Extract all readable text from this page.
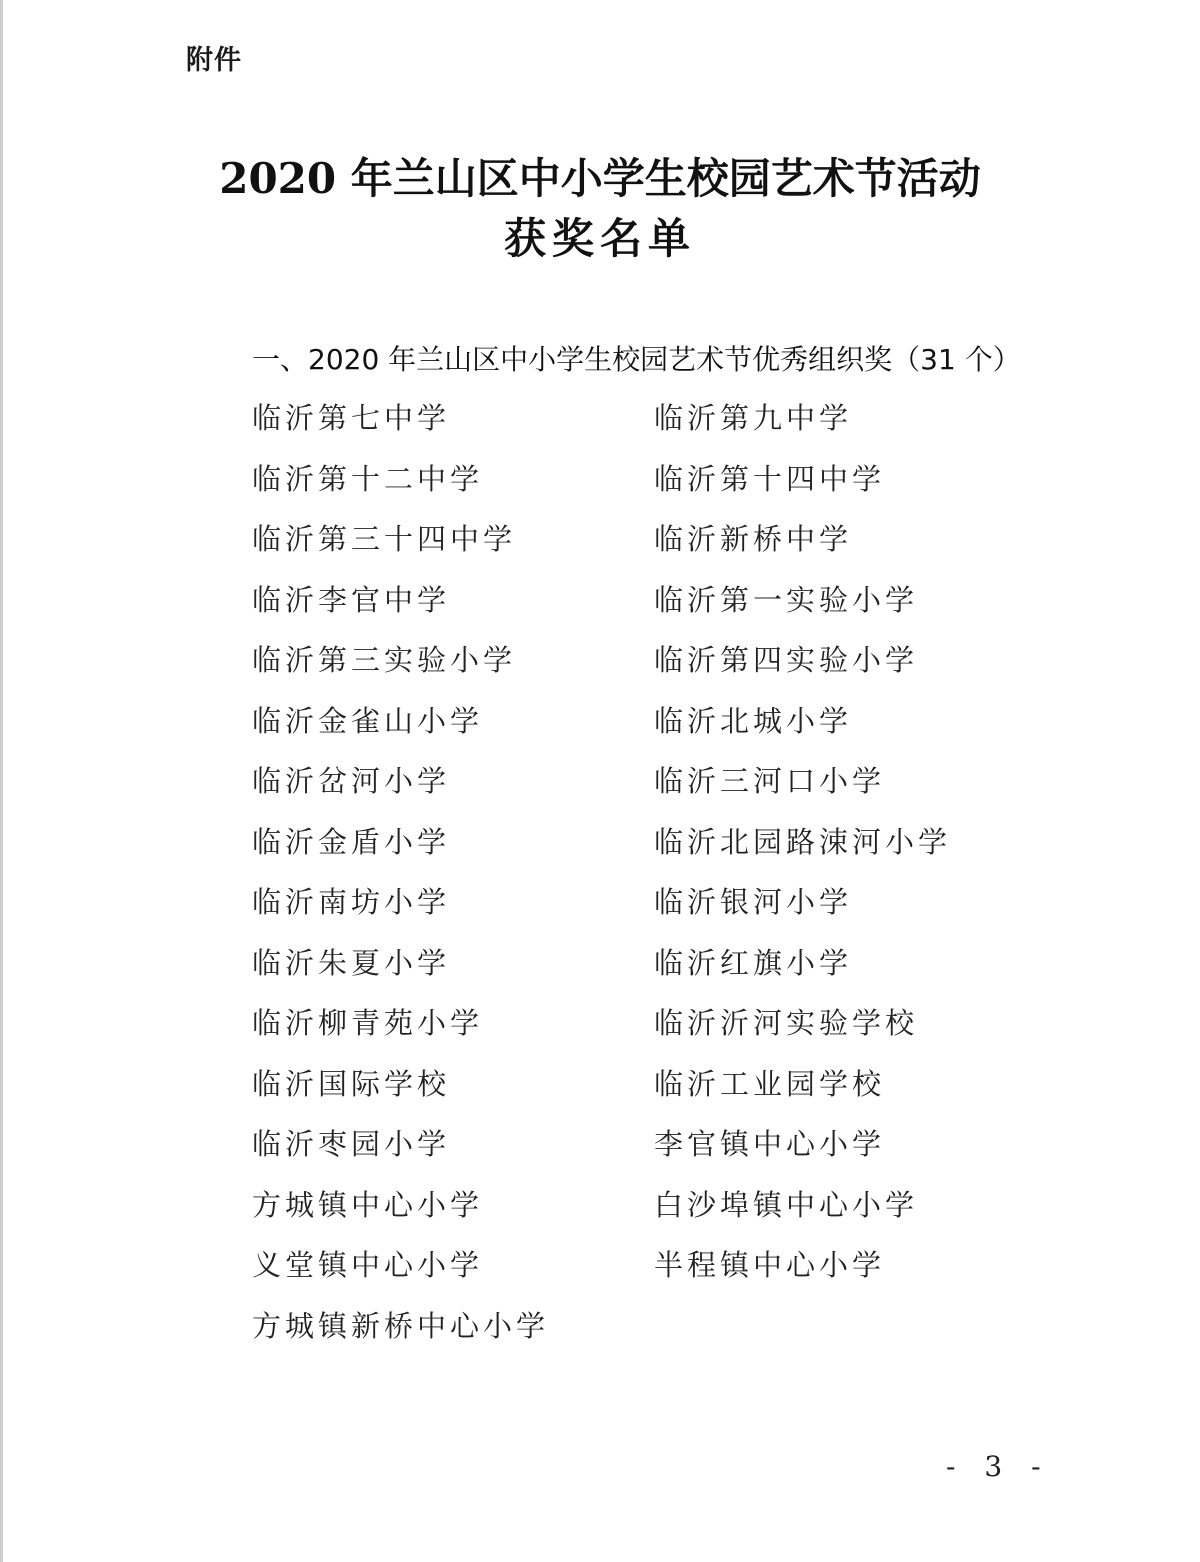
附件
2020 年兰山区中小学生校园艺术节活动
获奖名单
一、2020 年兰山区中小学生校园艺术节优秀组织奖（31 个）
临沂第七中学
临沂第十二中学
临沂第三十四中学
临沂李官中学
临沂第三实验小学
临沂金雀山小学
临沂岔河小学
临沂金盾小学
临沂南坊小学
临沂朱夏小学
临沂柳青苑小学
临沂国际学校
临沂枣园小学
方城镇中心小学
义堂镇中心小学
方城镇新桥中心小学
临沂第九中学
临沂第十四中学
临沂新桥中学
临沂第一实验小学
临沂第四实验小学
临沂北城小学
临沂三河口小学
临沂北园路涑河小学
临沂银河小学
临沂红旗小学
临沂沂河实验学校
临沂工业园学校
李官镇中心小学
白沙埠镇中心小学
半程镇中心小学
- 3 -
